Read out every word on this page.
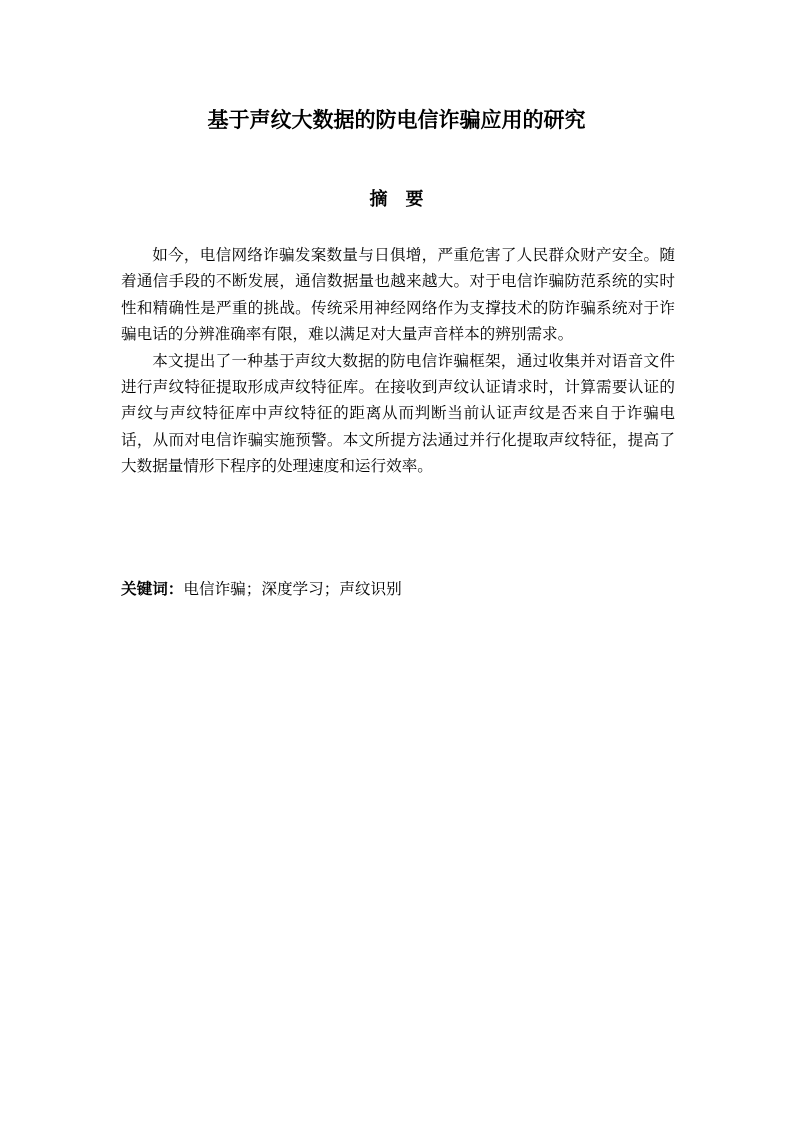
基于声纹大数据的防电信诈骗应用的研究
摘 要

如今，电信网络诈骗发案数量与日俱增，严重危害了人民群众财产安全。随着通信手段的不断发展，通信数据量也越来越大。对于电信诈骗防范系统的实时性和精确性是严重的挑战。传统采用神经网络作为支撑技术的防诈骗系统对于诈骗电话的分辨准确率有限，难以满足对大量声音样本的辨别需求。

本文提出了一种基于声纹大数据的防电信诈骗框架，通过收集并对语音文件进行声纹特征提取形成声纹特征库。在接收到声纹认证请求时，计算需要认证的声纹与声纹特征库中声纹特征的距离从而判断当前认证声纹是否来自于诈骗电话，从而对电信诈骗实施预警。本文所提方法通过并行化提取声纹特征，提高了大数据量情形下程序的处理速度和运行效率。

关键词：电信诈骗；深度学习；声纹识别
